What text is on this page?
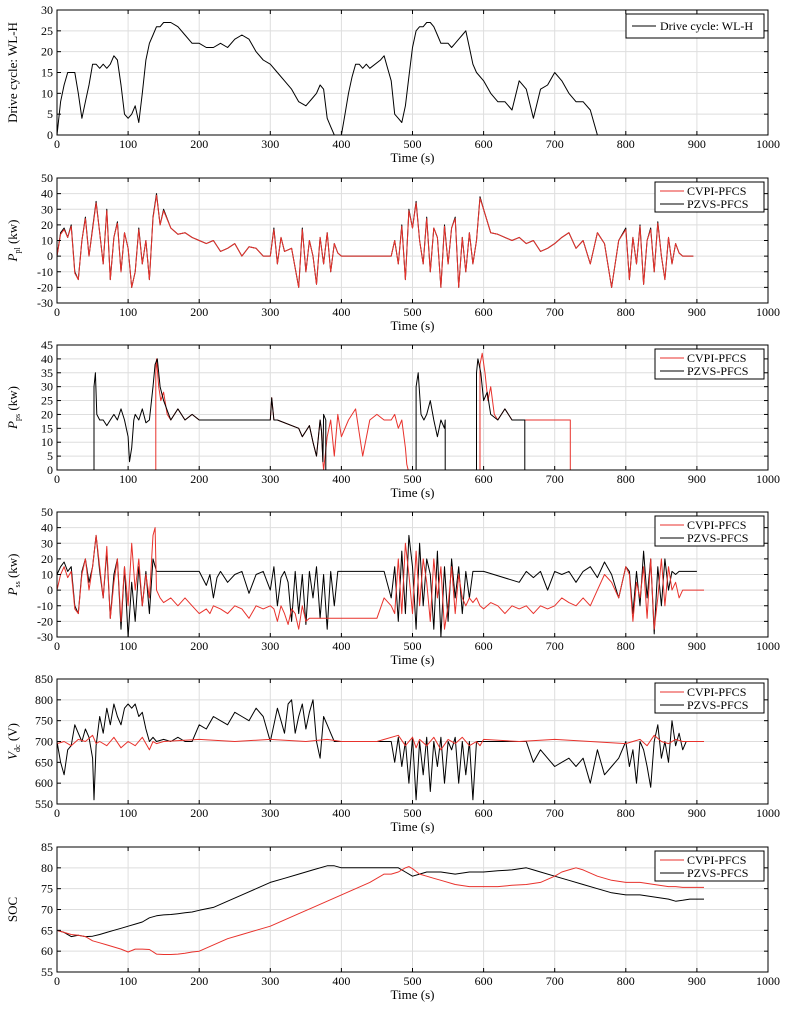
0	100	200	300	400	500	600	700	800	900	1000
0
5
10
15
20
25
30
Time (s)
Drive cycle: WL-H	Drive cycle: WL-H
0	100	200	300	400	500	600	700	800	900	1000
-30
-20
-10
0
10
20
30
40
50
Time (s)
$P_{pl}$ (kw)
CVPI-PFCS
PZVS-PFCS
0	100	200	300	400	500	600	700	800	900	1000
0
5
10
15
20
25
30
35
40
45
Time (s)
$P_{ps}$ (kw)
CVPI-PFCS
PZVS-PFCS
0	100	200	300	400	500	600	700	800	900	1000
-30
-20
-10
0
10
20
30
40
50
Time (s)
$P_{ss}$ (kw)
CVPI-PFCS
PZVS-PFCS
0	100	200	300	400	500	600	700	800	900	1000
550
600
650
700
750
800
850
Time (s)
$V_{dc}$ (V)
CVPI-PFCS
PZVS-PFCS
0	100	200	300	400	500	600	700	800	900	1000
55
60
65
70
75
80
85
Time (s)
SOC
CVPI-PFCS
PZVS-PFCS
